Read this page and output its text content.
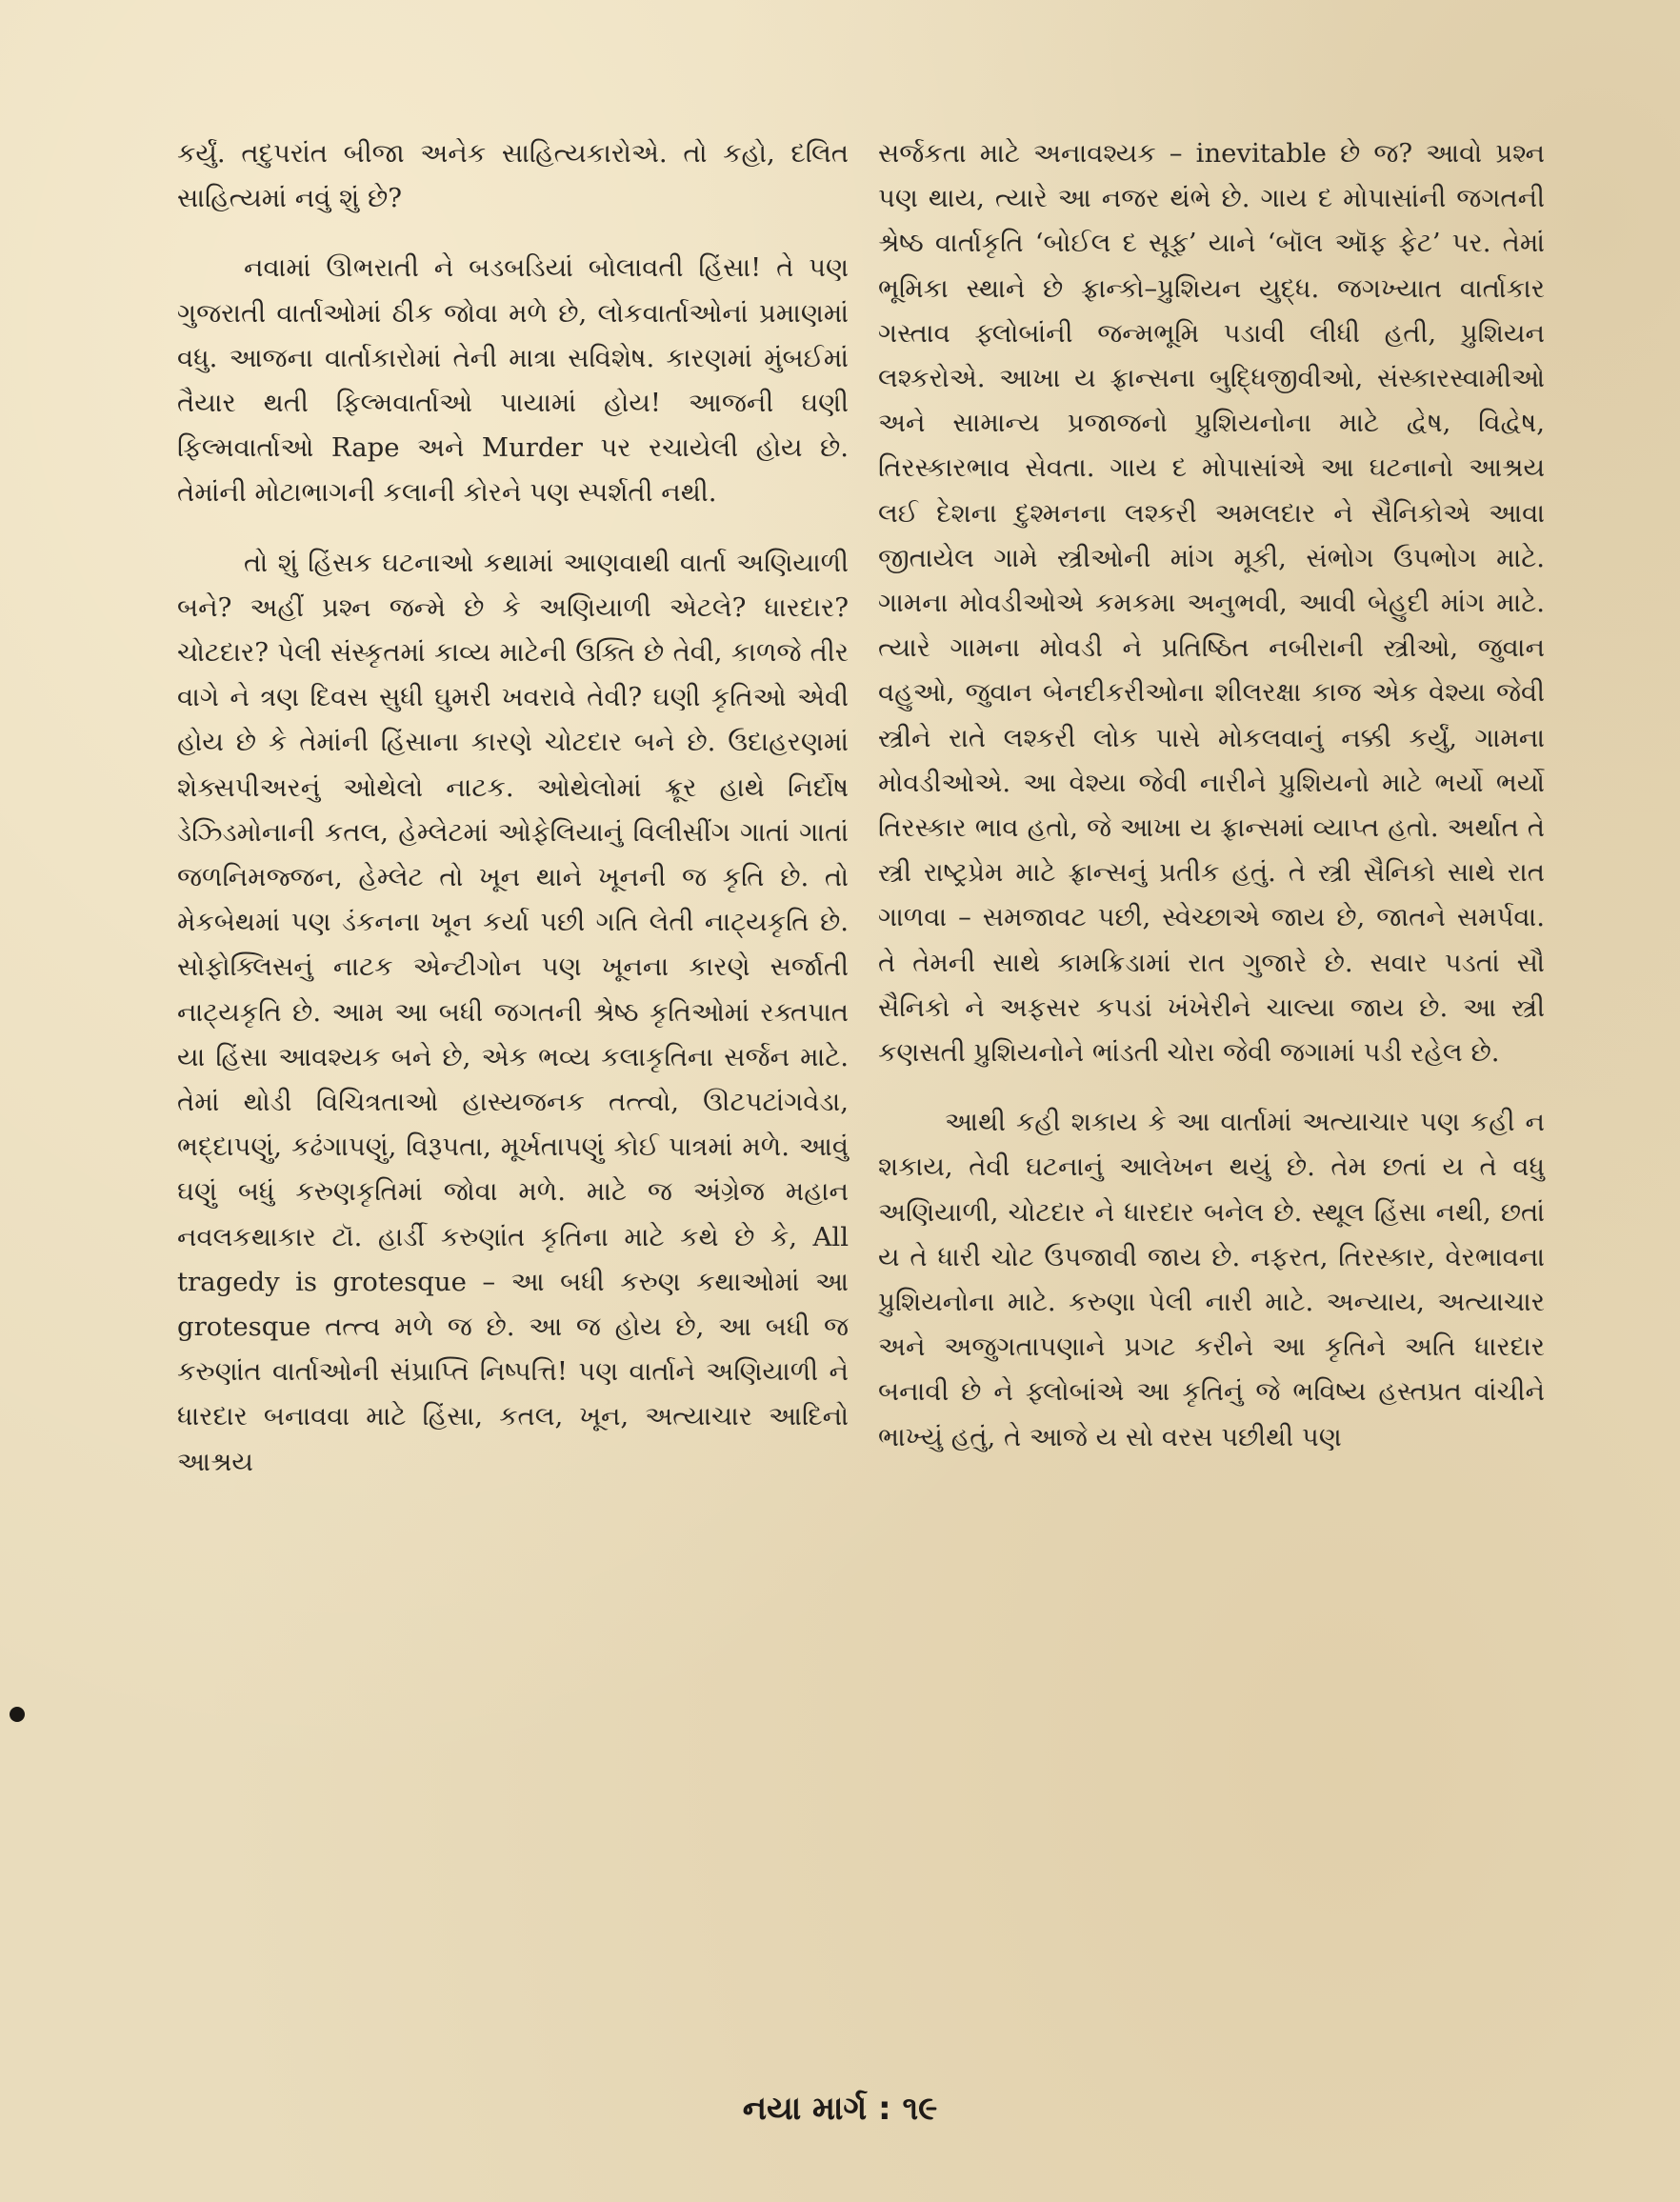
કર્યું. તદુપરાંત બીજા અનેક સાહિત્યકારોએ. તો કહો, દલિત સાહિત્યમાં નવું શું છે?

નવામાં ઊભરાતી ને બડબડિયાં બોલાવતી હિંસા! તે પણ ગુજરાતી વાર્તાઓમાં ઠીક જોવા મળે છે, લોકવાર્તાઓનાં પ્રમાણમાં વધુ. આજના વાર્તાકારોમાં તેની માત્રા સવિશેષ. કારણમાં મુંબઈમાં તૈયાર થતી ફિલ્મવાર્તાઓ પાયામાં હોય! આજની ઘણી ફિલ્મવાર્તાઓ Rape અને Murder પર રચાયેલી હોય છે. તેમાંની મોટાભાગની કલાની કોરને પણ સ્પર્શતી નથી.

તો શું હિંસક ઘટનાઓ કથામાં આણવાથી વાર્તા અણિયાળી બને? અહીં પ્રશ્ન જન્મે છે કે અણિયાળી એટલે? ધારદાર? ચોટદાર? પેલી સંસ્કૃતમાં કાવ્ય માટેની ઉક્તિ છે તેવી, કાળજે તીર વાગે ને ત્રણ દિવસ સુધી ઘુમરી ખવરાવે તેવી? ઘણી કૃતિઓ એવી હોય છે કે તેમાંની હિંસાના કારણે ચોટદાર બને છે. ઉદાહરણમાં શેક્સપીઅરનું ઓથેલો નાટક. ઓથેલોમાં ક્રૂર હાથે નિર્દોષ ડેઝ્ડિમોનાની કતલ, હેમ્લેટમાં ઓફેલિયાનું વિલીસીંગ ગાતાં ગાતાં જળનિમજ્જન, હેમ્લેટ તો ખૂન થાને ખૂનની જ કૃતિ છે. તો મેકબેથમાં પણ ડંકનના ખૂન કર્યા પછી ગતિ લેતી નાટ્યકૃતિ છે. સોફોક્લિસનું નાટક એન્ટીગોન પણ ખૂનના કારણે સર્જાતી નાટ્યકૃતિ છે. આમ આ બધી જગતની શ્રેષ્ઠ કૃતિઓમાં રક્તપાત યા હિંસા આવશ્યક બને છે, એક ભવ્ય કલાકૃતિના સર્જન માટે. તેમાં થોડી વિચિત્રતાઓ હાસ્યજનક તત્ત્વો, ઊટપટાંગવેડા, ભદ્દાપણું, કઢંગાપણું, વિરૂપતા, મૂર્ખતાપણું કોઈ પાત્રમાં મળે. આવું ઘણું બધું કરુણકૃતિમાં જોવા મળે. માટે જ અંગ્રેજ મહાન નવલકથાકાર ટૉ. હાર્ડી કરુણાંત કૃતિના માટે કથે છે કે, All tragedy is grotesque – આ બધી કરુણ કથાઓમાં આ grotesque તત્ત્વ મળે જ છે. આ જ હોય છે, આ બધી જ કરુણાંત વાર્તાઓની સંપ્રાપ્તિ નિષ્પત્તિ! પણ વાર્તાને અણિયાળી ને ધારદાર બનાવવા માટે હિંસા, કતલ, ખૂન, અત્યાચાર આદિનો આશ્રય

સર્જકતા માટે અનાવશ્યક – inevitable છે જ? આવો પ્રશ્ન પણ થાય, ત્યારે આ નજર થંભે છે. ગાય દ મોપાસાંની જગતની શ્રેષ્ઠ વાર્તાકૃતિ ‘બોઈલ દ સૂફ’ યાને ‘બૉલ ઑફ ફેટ’ પર. તેમાં ભૂમિકા સ્થાને છે ફ્રાન્કો–પ્રુશિયન યુદ્ધ. જગખ્યાત વાર્તાકાર ગસ્તાવ ફ્લોબાંની જન્મભૂમિ પડાવી લીધી હતી, પ્રુશિયન લશ્કરોએ. આખા ય ફ્રાન્સના બુદ્ધિજીવીઓ, સંસ્કારસ્વામીઓ અને સામાન્ય પ્રજાજનો પ્રુશિયનોના માટે દ્વેષ, વિદ્વેષ, તિરસ્કારભાવ સેવતા. ગાય દ મોપાસાંએ આ ઘટનાનો આશ્રય લઈ દેશના દુશ્મનના લશ્કરી અમલદાર ને સૈનિકોએ આવા જીતાયેલ ગામે સ્ત્રીઓની માંગ મૂકી, સંભોગ ઉપભોગ માટે. ગામના મોવડીઓએ કમકમા અનુભવી, આવી બેહુદી માંગ માટે. ત્યારે ગામના મોવડી ને પ્રતિષ્ઠિત નબીરાની સ્ત્રીઓ, જુવાન વહુઓ, જુવાન બેનદીકરીઓના શીલરક્ષા કાજ એક વેશ્યા જેવી સ્ત્રીને રાતે લશ્કરી લોક પાસે મોકલવાનું નક્કી કર્યું, ગામના મોવડીઓએ. આ વેશ્યા જેવી નારીને પ્રુશિયનો માટે ભર્યો ભર્યો તિરસ્કાર ભાવ હતો, જે આખા ય ફ્રાન્સમાં વ્યાપ્ત હતો. અર્થાત તે સ્ત્રી રાષ્ટ્રપ્રેમ માટે ફ્રાન્સનું પ્રતીક હતું. તે સ્ત્રી સૈનિકો સાથે રાત ગાળવા – સમજાવટ પછી, સ્વેચ્છાએ જાય છે, જાતને સમર્પવા. તે તેમની સાથે કામક્રિડામાં રાત ગુજારે છે. સવાર પડતાં સૌ સૈનિકો ને અફસર કપડાં ખંખેરીને ચાલ્યા જાય છે. આ સ્ત્રી કણસતી પ્રુશિયનોને ભાંડતી ચોરા જેવી જગામાં પડી રહેલ છે.

આથી કહી શકાય કે આ વાર્તામાં અત્યાચાર પણ કહી ન શકાય, તેવી ઘટનાનું આલેખન થયું છે. તેમ છતાં ય તે વધુ અણિયાળી, ચોટદાર ને ધારદાર બનેલ છે. સ્થૂલ હિંસા નથી, છતાં ય તે ધારી ચોટ ઉપજાવી જાય છે. નફરત, તિરસ્કાર, વેરભાવના પ્રુશિયનોના માટે. કરુણા પેલી નારી માટે. અન્યાય, અત્યાચાર અને અજુગતાપણાને પ્રગટ કરીને આ કૃતિને અતિ ધારદાર બનાવી છે ને ફ્લોબાંએ આ કૃતિનું જે ભવિષ્ય હસ્તપ્રત વાંચીને ભાખ્યું હતું, તે આજે ય સો વરસ પછીથી પણ

નયા માર્ગ : ૧૯
